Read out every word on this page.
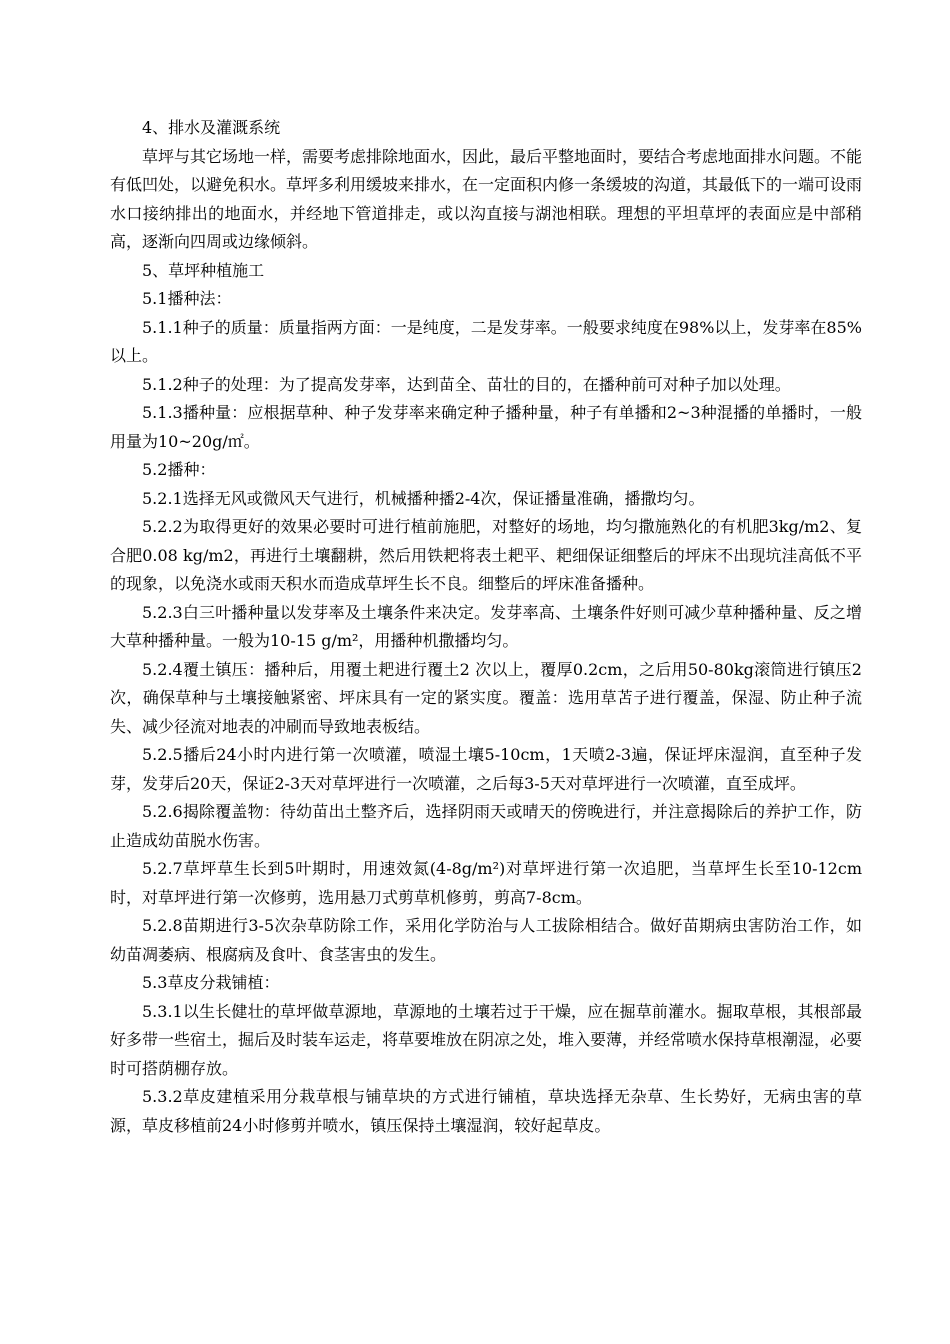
4、排水及灌溉系统

草坪与其它场地一样，需要考虑排除地面水，因此，最后平整地面时，要结合考虑地面排水问题。不能有低凹处，以避免积水。草坪多利用缓坡来排水，在一定面积内修一条缓坡的沟道，其最低下的一端可设雨水口接纳排出的地面水，并经地下管道排走，或以沟直接与湖池相联。理想的平坦草坪的表面应是中部稍高，逐渐向四周或边缘倾斜。

5、草坪种植施工

5.1播种法：

5.1.1种子的质量：质量指两方面：一是纯度，二是发芽率。一般要求纯度在98%以上，发芽率在85%以上。

5.1.2种子的处理：为了提高发芽率，达到苗全、苗壮的目的，在播种前可对种子加以处理。

5.1.3播种量：应根据草种、种子发芽率来确定种子播种量，种子有单播和2~3种混播的单播时，一般用量为10~20g/㎡。

5.2播种：

5.2.1选择无风或微风天气进行，机械播种播2-4次，保证播量准确，播撒均匀。

5.2.2为取得更好的效果必要时可进行植前施肥，对整好的场地，均匀撒施熟化的有机肥3kg/m2、复合肥0.08 kg/m2，再进行土壤翻耕，然后用铁耙将表土耙平、耙细保证细整后的坪床不出现坑洼高低不平的现象，以免浇水或雨天积水而造成草坪生长不良。细整后的坪床准备播种。

5.2.3白三叶播种量以发芽率及土壤条件来决定。发芽率高、土壤条件好则可减少草种播种量、反之增大草种播种量。一般为10-15 g/m²，用播种机撒播均匀。

5.2.4覆土镇压：播种后，用覆土耙进行覆土2 次以上，覆厚0.2cm，之后用50-80kg滚筒进行镇压2次，确保草种与土壤接触紧密、坪床具有一定的紧实度。覆盖：选用草苫子进行覆盖，保湿、防止种子流失、减少径流对地表的冲刷而导致地表板结。

5.2.5播后24小时内进行第一次喷灌，喷湿土壤5-10cm，1天喷2-3遍，保证坪床湿润，直至种子发芽，发芽后20天，保证2-3天对草坪进行一次喷灌，之后每3-5天对草坪进行一次喷灌，直至成坪。

5.2.6揭除覆盖物：待幼苗出土整齐后，选择阴雨天或晴天的傍晚进行，并注意揭除后的养护工作，防止造成幼苗脱水伤害。

5.2.7草坪草生长到5叶期时，用速效氮(4-8g/m²)对草坪进行第一次追肥，当草坪生长至10-12cm时，对草坪进行第一次修剪，选用悬刀式剪草机修剪，剪高7-8cm。

5.2.8苗期进行3-5次杂草防除工作，采用化学防治与人工拔除相结合。做好苗期病虫害防治工作，如幼苗凋萎病、根腐病及食叶、食茎害虫的发生。

5.3草皮分栽铺植：

5.3.1以生长健壮的草坪做草源地，草源地的土壤若过于干燥，应在掘草前灌水。掘取草根，其根部最好多带一些宿土，掘后及时装车运走，将草要堆放在阴凉之处，堆入要薄，并经常喷水保持草根潮湿，必要时可搭荫棚存放。

5.3.2草皮建植采用分栽草根与铺草块的方式进行铺植，草块选择无杂草、生长势好，无病虫害的草源，草皮移植前24小时修剪并喷水，镇压保持土壤湿润，较好起草皮。
